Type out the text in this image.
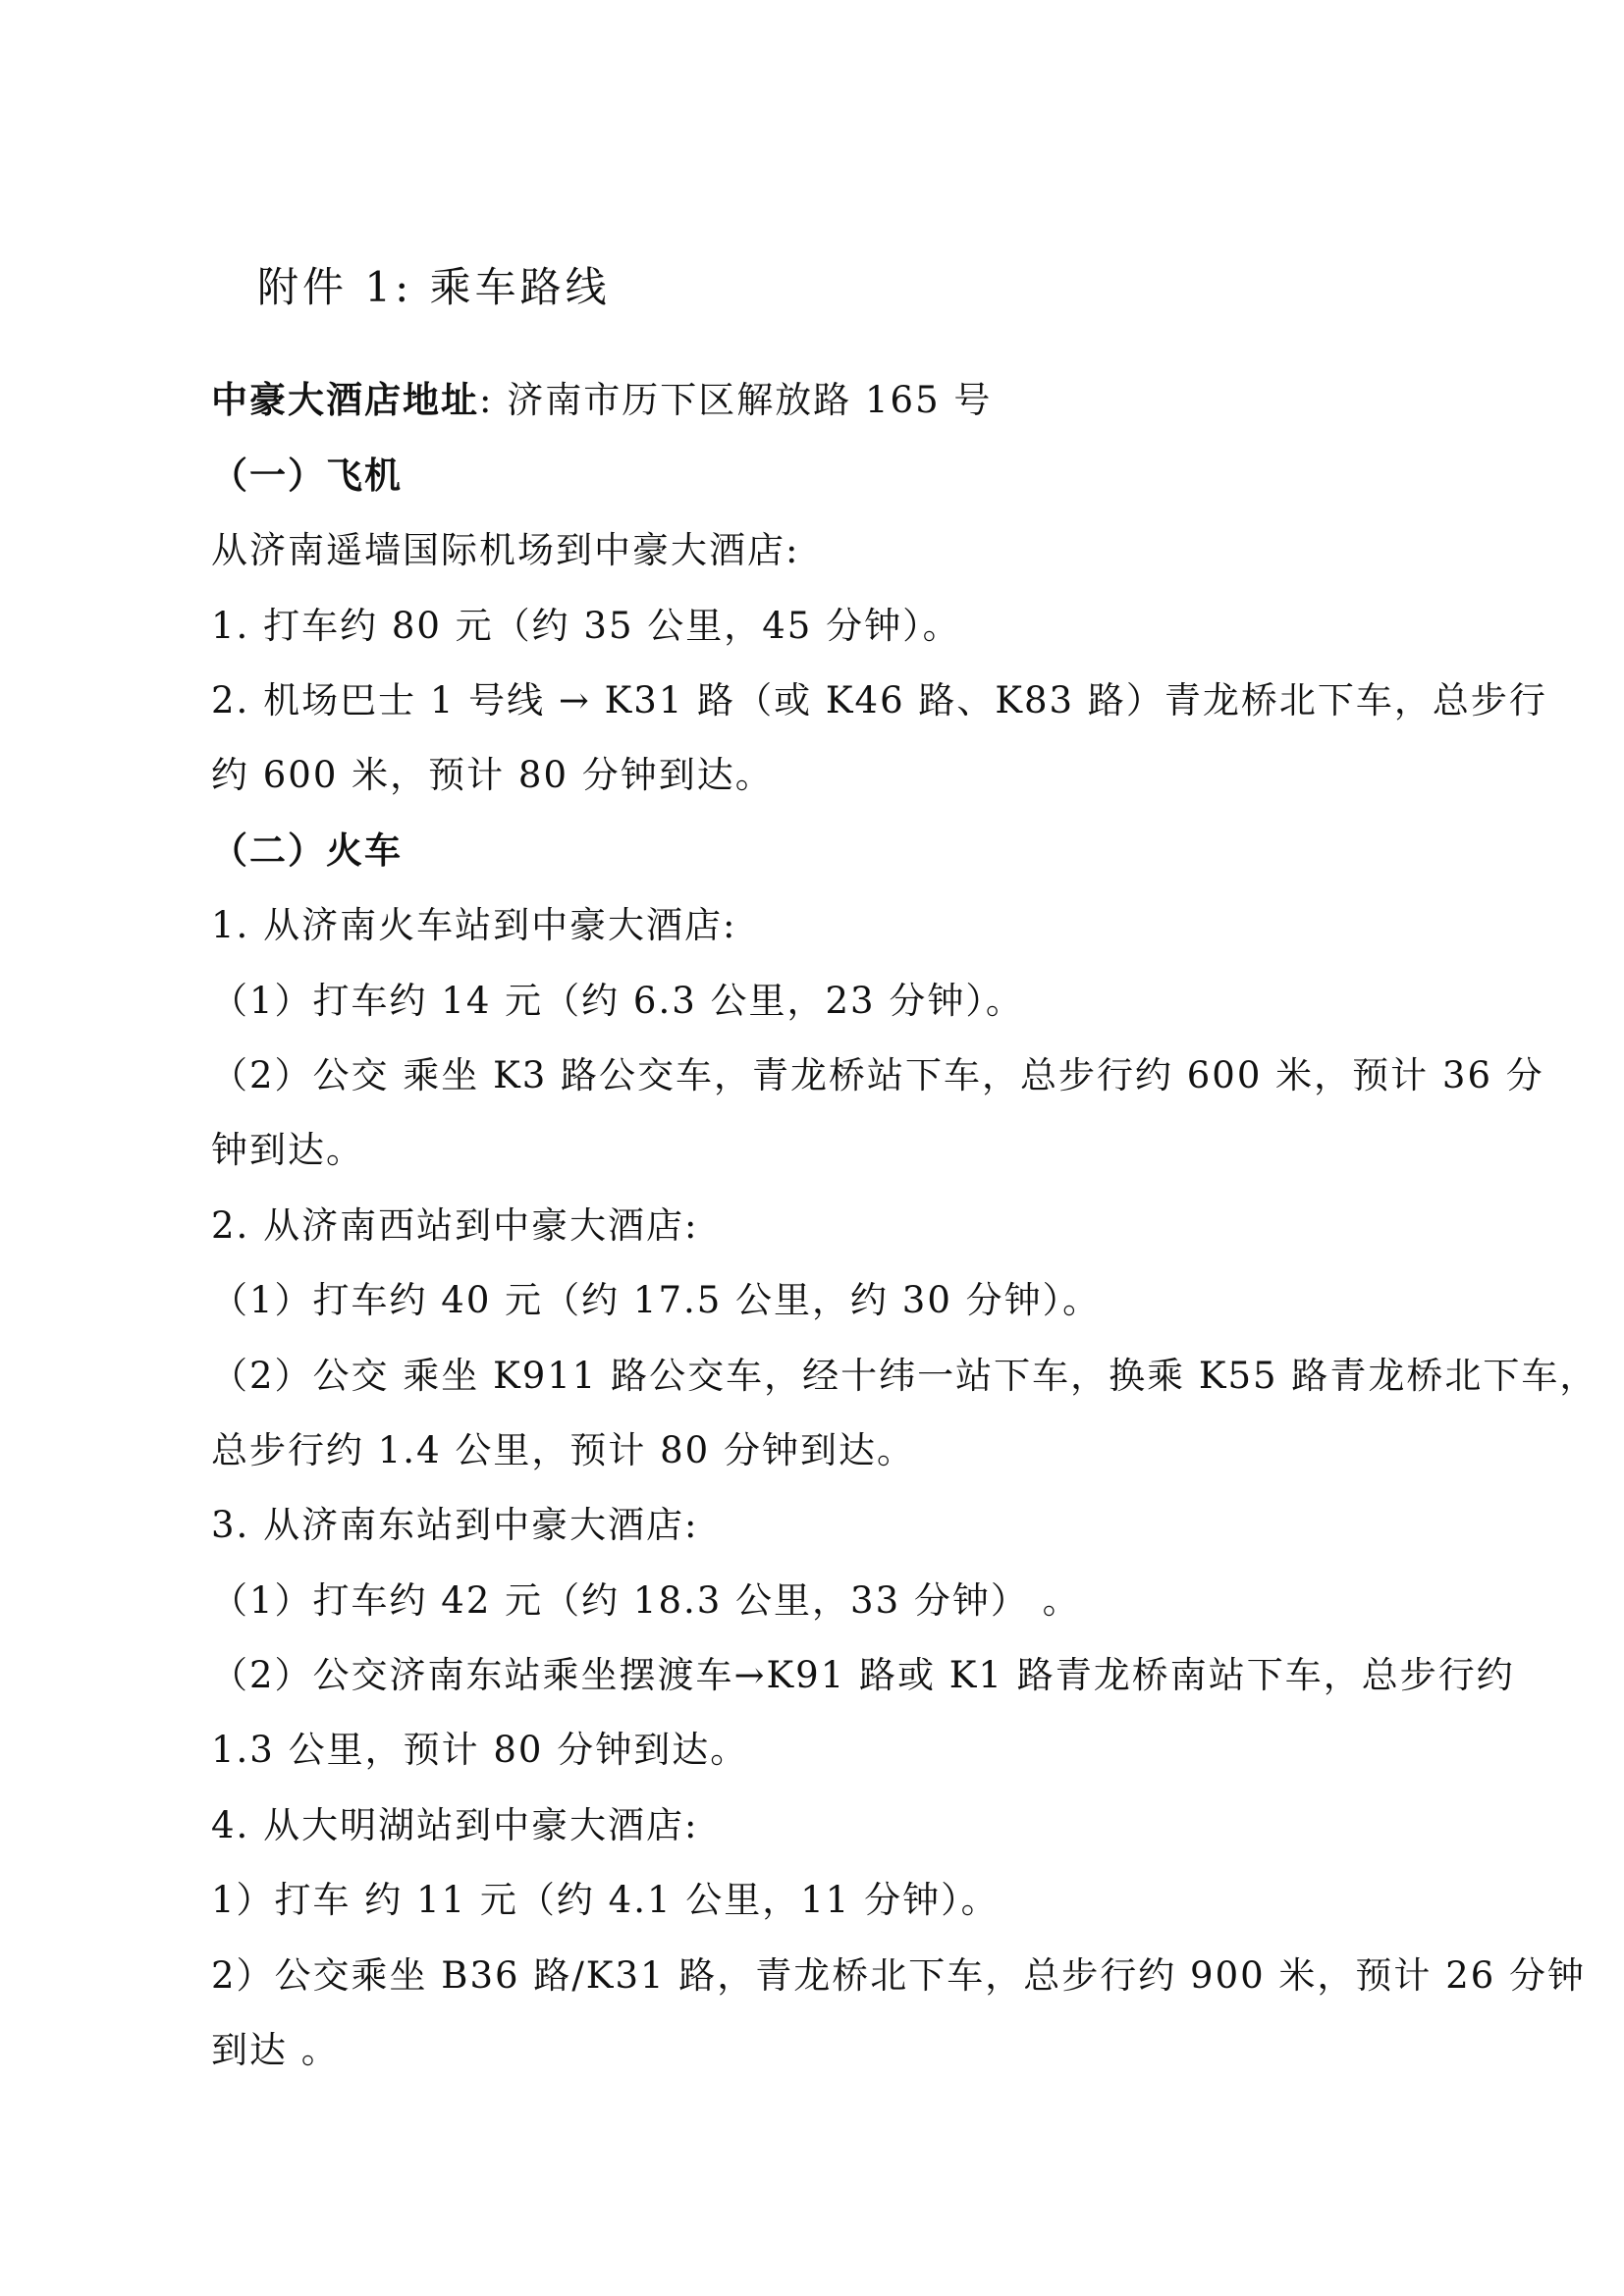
附件 1: 乘车路线
中豪大酒店地址: 济南市历下区解放路 165 号
（一）飞机
从济南遥墙国际机场到中豪大酒店:
1. 打车约 80 元（约 35 公里，45 分钟）。
2. 机场巴士 1 号线 → K31 路（或 K46 路、K83 路）青龙桥北下车，总步行
约 600 米，预计 80 分钟到达。
（二）火车
1. 从济南火车站到中豪大酒店:
（1）打车约 14 元（约 6.3 公里，23 分钟）。
（2）公交 乘坐 K3 路公交车，青龙桥站下车，总步行约 600 米，预计 36 分
钟到达。
2. 从济南西站到中豪大酒店:
（1）打车约 40 元（约 17.5 公里，约 30 分钟）。
（2）公交 乘坐 K911 路公交车，经十纬一站下车，换乘 K55 路青龙桥北下车，
总步行约 1.4 公里，预计 80 分钟到达。
3. 从济南东站到中豪大酒店:
（1）打车约 42 元（约 18.3 公里，33 分钟） 。
（2）公交济南东站乘坐摆渡车→K91 路或 K1 路青龙桥南站下车，总步行约
1.3 公里，预计 80 分钟到达。
4. 从大明湖站到中豪大酒店:
1）打车 约 11 元（约 4.1 公里，11 分钟）。
2）公交乘坐 B36 路/K31 路，青龙桥北下车，总步行约 900 米，预计 26 分钟
到达 。
